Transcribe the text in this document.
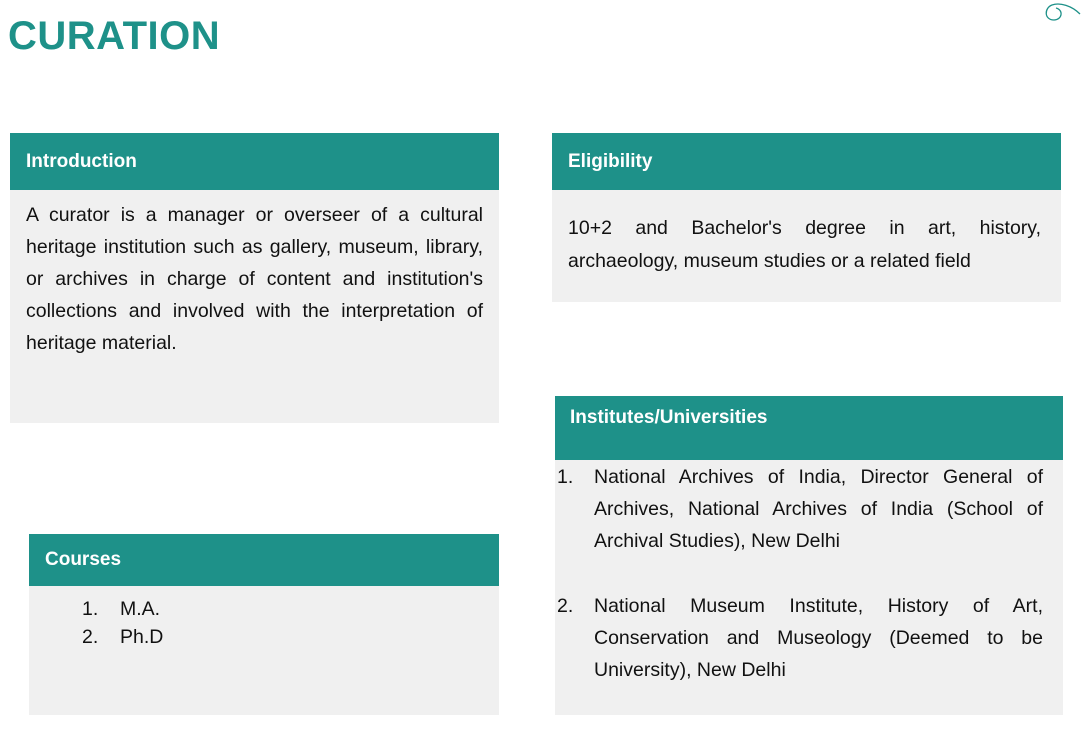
CURATION
Introduction
A curator is a manager or overseer of a cultural heritage institution such as gallery, museum, library, or archives in charge of content and institution's collections and involved with the interpretation of heritage material.
Eligibility
10+2 and Bachelor's degree in art, history, archaeology, museum studies or a related field
Courses
1.	M.A.
2.	Ph.D
Institutes/Universities
1.	National Archives of India, Director General of Archives, National Archives of India (School of Archival Studies), New Delhi
2.	National Museum Institute, History of Art, Conservation and Museology (Deemed to be University), New Delhi
